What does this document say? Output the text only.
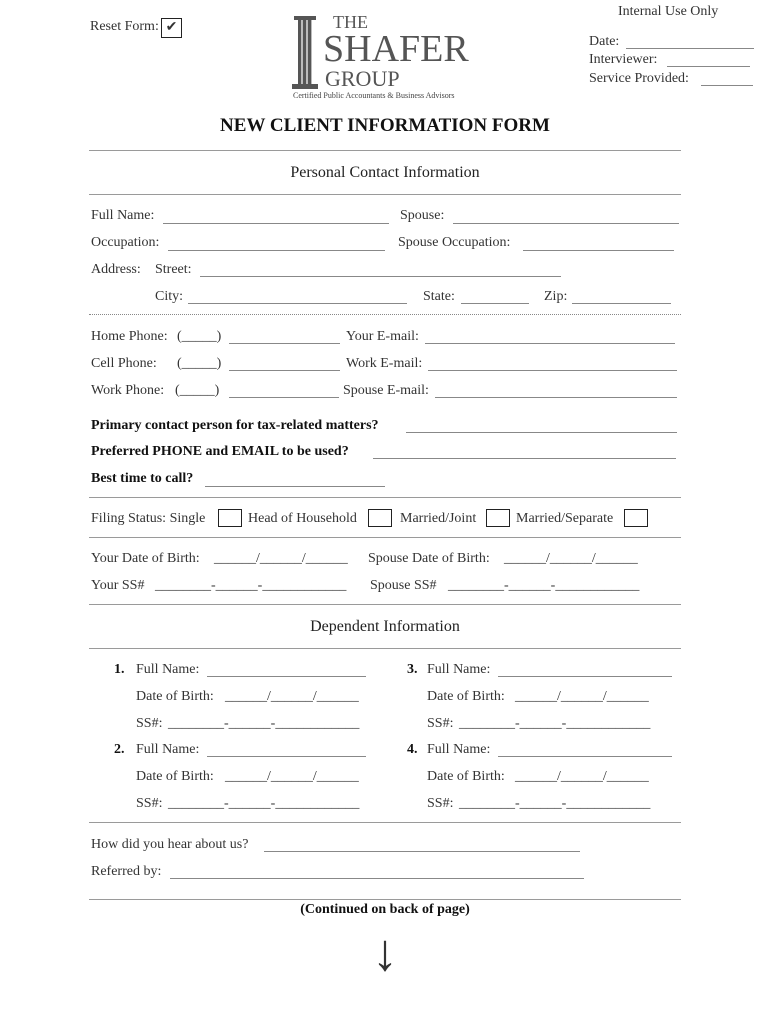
Reset Form: ✔
Internal Use Only
Date:
Interviewer:
Service Provided:
THE
SHAFER
GROUP
Certified Public Accountants & Business Advisors
NEW CLIENT INFORMATION FORM
Personal Contact Information
Full Name:	Spouse:
Occupation:	Spouse Occupation:
Address: Street:
City:	State:	Zip:
Home Phone: (_____)	Your E-mail:
Cell Phone: (_____)	Work E-mail:
Work Phone: (_____)	Spouse E-mail:
Primary contact person for tax-related matters?
Preferred PHONE and EMAIL to be used?
Best time to call?
Filing Status: Single	Head of Household	Married/Joint	Married/Separate
Your Date of Birth: ______/______/______ Spouse Date of Birth: ______/______/______
Your SS# ________-______-____________ Spouse SS# ________-______-____________
Dependent Information
1. Full Name:
Date of Birth: ______/______/______
SS#: ________-______-____________
2. Full Name:
Date of Birth: ______/______/______
SS#: ________-______-____________
3. Full Name:
Date of Birth: ______/______/______
SS#: ________-______-____________
4. Full Name:
Date of Birth: ______/______/______
SS#: ________-______-____________
How did you hear about us?
Referred by:
(Continued on back of page)
↓
